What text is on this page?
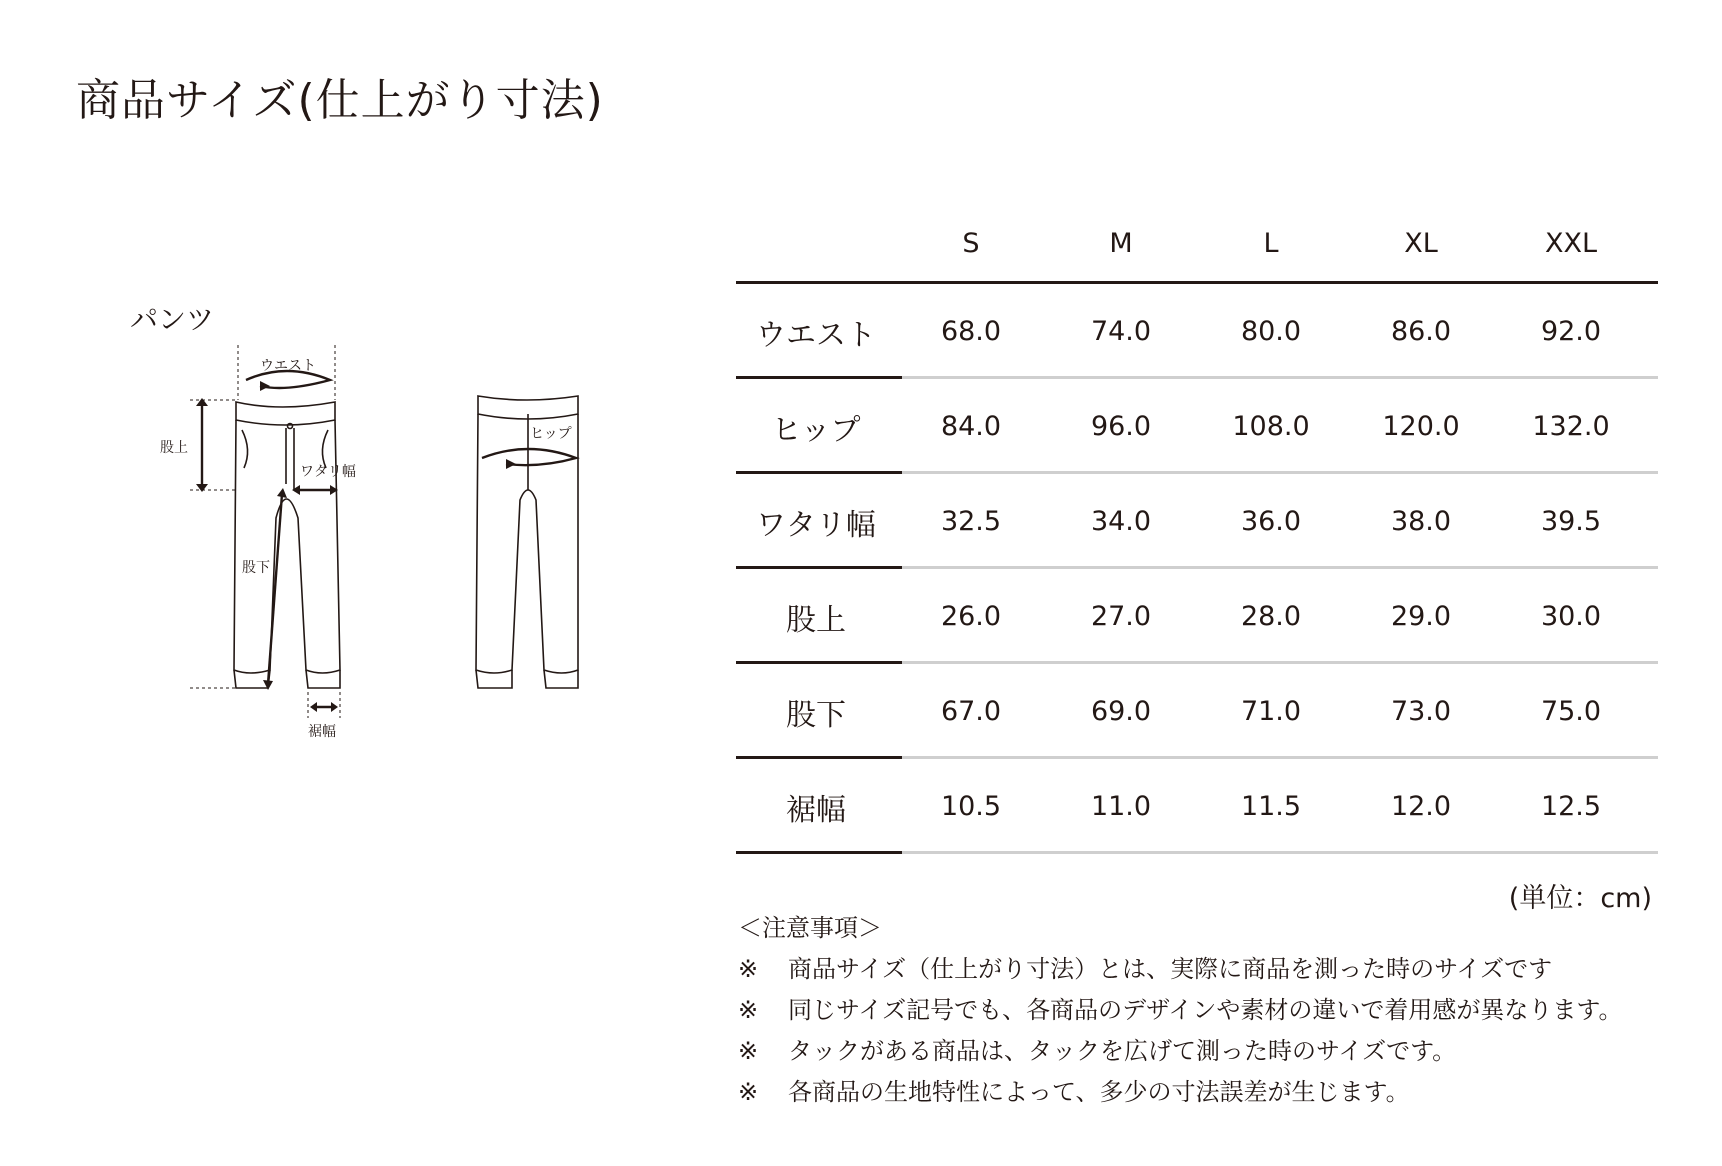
商品サイズ(仕上がり寸法)
パンツ
ウエスト
股上
ワタリ幅
股下
裾幅
ヒップ
S	M	L	XL	XXL
ウエスト	68.0	74.0	80.0	86.0	92.0
ヒップ	84.0	96.0	108.0	120.0	132.0
ワタリ幅	32.5	34.0	36.0	38.0	39.5
股上	26.0	27.0	28.0	29.0	30.0
股下	67.0	69.0	71.0	73.0	75.0
裾幅	10.5	11.0	11.5	12.0	12.5
(単位：cm)
＜注意事項＞
※	商品サイズ（仕上がり寸法）とは、実際に商品を測った時のサイズです
※	同じサイズ記号でも、各商品のデザインや素材の違いで着用感が異なります。
※	タックがある商品は、タックを広げて測った時のサイズです。
※	各商品の生地特性によって、多少の寸法誤差が生じます。
